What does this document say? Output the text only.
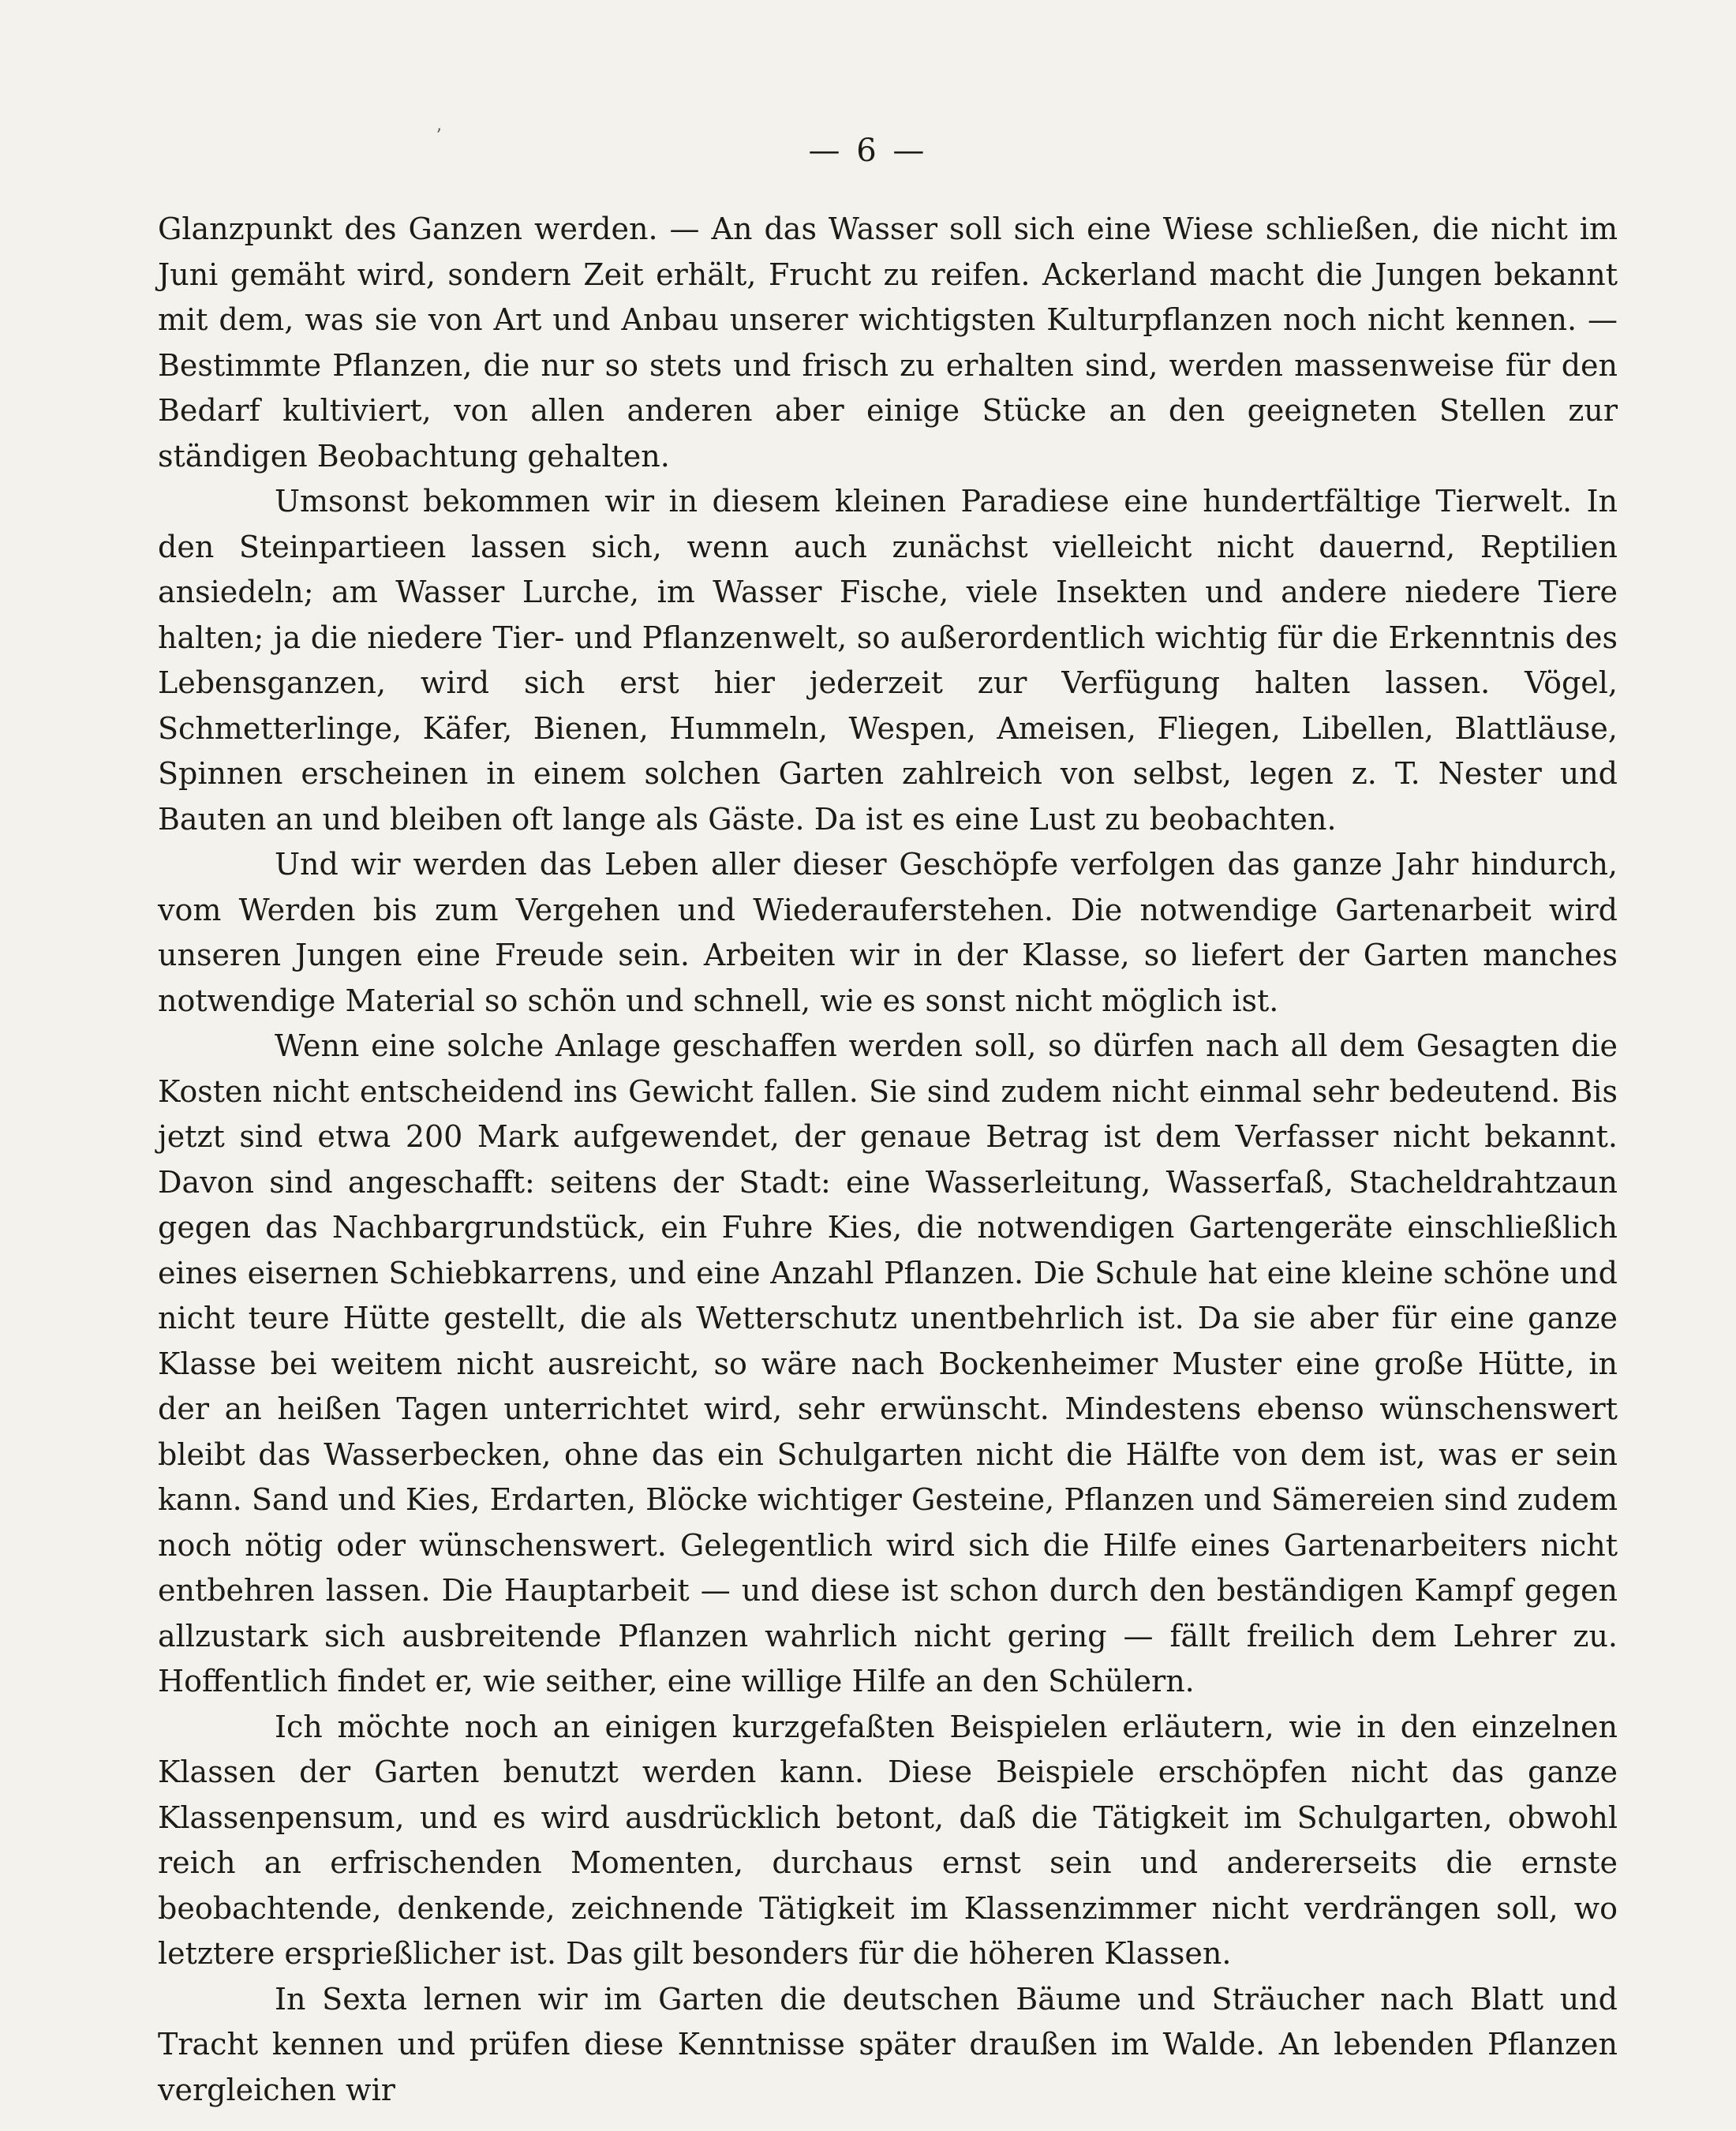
ʼ	— 6 —

Glanzpunkt des Ganzen werden. — An das Wasser soll sich eine Wiese schließen, die nicht im Juni gemäht wird, sondern Zeit erhält, Frucht zu reifen. Ackerland macht die Jungen bekannt mit dem, was sie von Art und Anbau unserer wichtigsten Kulturpflanzen noch nicht kennen. — Bestimmte Pflanzen, die nur so stets und frisch zu erhalten sind, werden massenweise für den Bedarf kultiviert, von allen anderen aber einige Stücke an den geeigneten Stellen zur ständigen Beobachtung gehalten.

Umsonst bekommen wir in diesem kleinen Paradiese eine hundertfältige Tierwelt. In den Steinpartieen lassen sich, wenn auch zunächst vielleicht nicht dauernd, Reptilien ansiedeln; am Wasser Lurche, im Wasser Fische, viele Insekten und andere niedere Tiere halten; ja die niedere Tier- und Pflanzenwelt, so außerordentlich wichtig für die Erkenntnis des Lebensganzen, wird sich erst hier jederzeit zur Verfügung halten lassen. Vögel, Schmetterlinge, Käfer, Bienen, Hummeln, Wespen, Ameisen, Fliegen, Libellen, Blattläuse, Spinnen erscheinen in einem solchen Garten zahlreich von selbst, legen z. T. Nester und Bauten an und bleiben oft lange als Gäste. Da ist es eine Lust zu beobachten.

Und wir werden das Leben aller dieser Geschöpfe verfolgen das ganze Jahr hindurch, vom Werden bis zum Vergehen und Wiederauferstehen. Die notwendige Gartenarbeit wird unseren Jungen eine Freude sein. Arbeiten wir in der Klasse, so liefert der Garten manches notwendige Material so schön und schnell, wie es sonst nicht möglich ist.

Wenn eine solche Anlage geschaffen werden soll, so dürfen nach all dem Gesagten die Kosten nicht entscheidend ins Gewicht fallen. Sie sind zudem nicht einmal sehr bedeutend. Bis jetzt sind etwa 200 Mark aufgewendet, der genaue Betrag ist dem Verfasser nicht bekannt. Davon sind angeschafft: seitens der Stadt: eine Wasserleitung, Wasserfaß, Stacheldrahtzaun gegen das Nachbargrundstück, ein Fuhre Kies, die notwendigen Gartengeräte einschließlich eines eisernen Schiebkarrens, und eine Anzahl Pflanzen. Die Schule hat eine kleine schöne und nicht teure Hütte gestellt, die als Wetterschutz unentbehrlich ist. Da sie aber für eine ganze Klasse bei weitem nicht ausreicht, so wäre nach Bockenheimer Muster eine große Hütte, in der an heißen Tagen unterrichtet wird, sehr erwünscht. Mindestens ebenso wünschenswert bleibt das Wasserbecken, ohne das ein Schulgarten nicht die Hälfte von dem ist, was er sein kann. Sand und Kies, Erdarten, Blöcke wichtiger Gesteine, Pflanzen und Sämereien sind zudem noch nötig oder wünschenswert. Gelegentlich wird sich die Hilfe eines Gartenarbeiters nicht entbehren lassen. Die Hauptarbeit — und diese ist schon durch den beständigen Kampf gegen allzustark sich ausbreitende Pflanzen wahrlich nicht gering — fällt freilich dem Lehrer zu. Hoffentlich findet er, wie seither, eine willige Hilfe an den Schülern.

Ich möchte noch an einigen kurzgefaßten Beispielen erläutern, wie in den einzelnen Klassen der Garten benutzt werden kann. Diese Beispiele erschöpfen nicht das ganze Klassenpensum, und es wird ausdrücklich betont, daß die Tätigkeit im Schulgarten, obwohl reich an erfrischenden Momenten, durchaus ernst sein und andererseits die ernste beobachtende, denkende, zeichnende Tätigkeit im Klassenzimmer nicht verdrängen soll, wo letztere ersprießlicher ist. Das gilt besonders für die höheren Klassen.

In Sexta lernen wir im Garten die deutschen Bäume und Sträucher nach Blatt und Tracht kennen und prüfen diese Kenntnisse später draußen im Walde. An lebenden Pflanzen vergleichen wir
